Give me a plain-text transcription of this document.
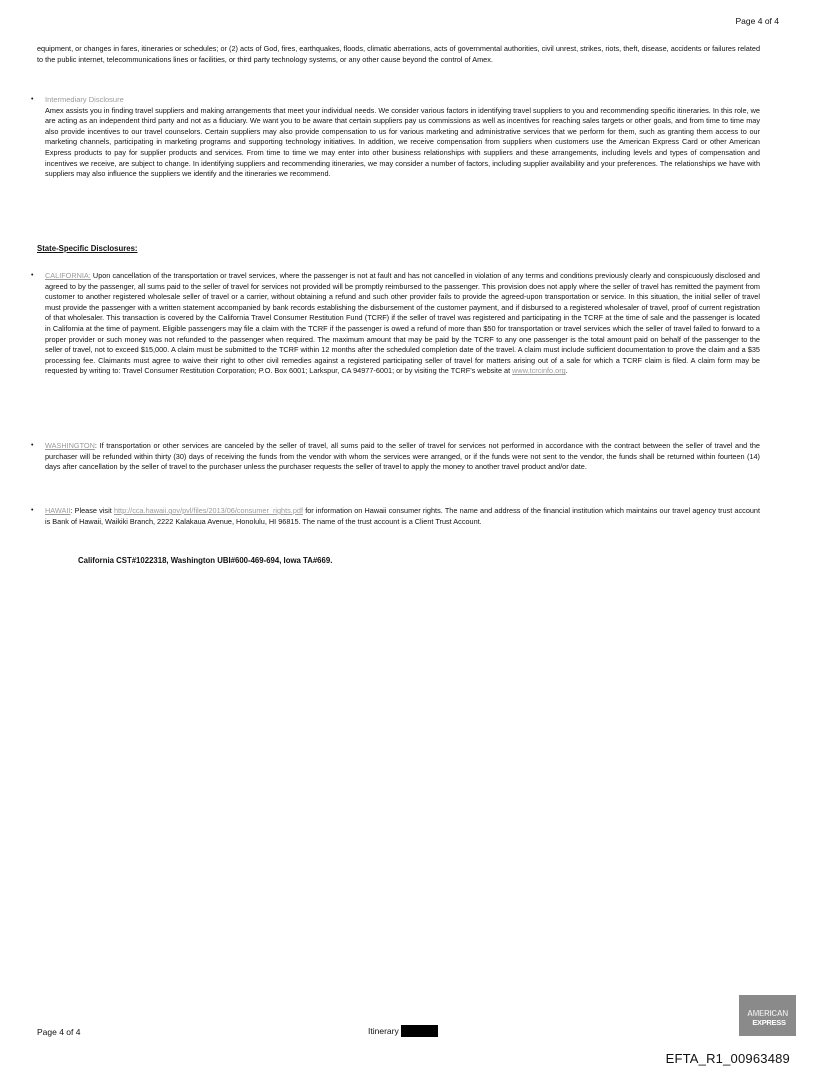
Page 4 of 4

equipment, or changes in fares, itineraries or schedules; or (2) acts of God, fires, earthquakes, floods, climatic aberrations, acts of governmental authorities, civil unrest, strikes, riots, theft, disease, accidents or failures related to the public internet, telecommunications lines or facilities, or third party technology systems, or any other cause beyond the control of Amex.

• Intermediary Disclosure

Amex assists you in finding travel suppliers and making arrangements that meet your individual needs. We consider various factors in identifying travel suppliers to you and recommending specific itineraries. In this role, we are acting as an independent third party and not as a fiduciary. We want you to be aware that certain suppliers pay us commissions as well as incentives for reaching sales targets or other goals, and from time to time may also provide incentives to our travel counselors. Certain suppliers may also provide compensation to us for various marketing and administrative services that we perform for them, such as granting them access to our marketing channels, participating in marketing programs and supporting technology initiatives. In addition, we receive compensation from suppliers when customers use the American Express Card or other American Express products to pay for supplier products and services. From time to time we may enter into other business relationships with suppliers and these arrangements, including levels and types of compensation and incentives we receive, are subject to change. In identifying suppliers and recommending itineraries, we may consider a number of factors, including supplier availability and your preferences. The relationships we have with suppliers may also influence the suppliers we identify and the itineraries we recommend.

State-Specific Disclosures:

• CALIFORNIA: Upon cancellation of the transportation or travel services, where the passenger is not at fault and has not cancelled in violation of any terms and conditions previously clearly and conspicuously disclosed and agreed to by the passenger, all sums paid to the seller of travel for services not provided will be promptly reimbursed to the passenger. This provision does not apply where the seller of travel has remitted the payment from customer to another registered wholesale seller of travel or a carrier, without obtaining a refund and such other provider fails to provide the agreed-upon transportation or service. In this situation, the initial seller of travel must provide the passenger with a written statement accompanied by bank records establishing the disbursement of the customer payment, and if disbursed to a registered wholesaler of travel, proof of current registration of that wholesaler. This transaction is covered by the California Travel Consumer Restitution Fund (TCRF) if the seller of travel was registered and participating in the TCRF at the time of sale and the passenger is located in California at the time of payment. Eligible passengers may file a claim with the TCRF if the passenger is owed a refund of more than $50 for transportation or travel services which the seller of travel failed to forward to a proper provider or such money was not refunded to the passenger when required. The maximum amount that may be paid by the TCRF to any one passenger is the total amount paid on behalf of the passenger to the seller of travel, not to exceed $15,000. A claim must be submitted to the TCRF within 12 months after the scheduled completion date of the travel. A claim must include sufficient documentation to prove the claim and a $35 processing fee. Claimants must agree to waive their right to other civil remedies against a registered participating seller of travel for matters arising out of a sale for which a TCRF claim is filed. A claim form may be requested by writing to: Travel Consumer Restitution Corporation; P.O. Box 6001; Larkspur, CA 94977-6001; or by visiting the TCRF's website at www.tcrcinfo.org.

• WASHINGTON: If transportation or other services are canceled by the seller of travel, all sums paid to the seller of travel for services not performed in accordance with the contract between the seller of travel and the purchaser will be refunded within thirty (30) days of receiving the funds from the vendor with whom the services were arranged, or if the funds were not sent to the vendor, the funds shall be returned within fourteen (14) days after cancellation by the seller of travel to the purchaser unless the purchaser requests the seller of travel to apply the money to another travel product and/or date.

• HAWAII: Please visit http://cca.hawaii.gov/pvl/files/2013/06/consumer_rights.pdf for information on Hawaii consumer rights. The name and address of the financial institution which maintains our travel agency trust account is Bank of Hawaii, Waikiki Branch, 2222 Kalakaua Avenue, Honolulu, HI 96815. The name of the trust account is a Client Trust Account.

California CST#1022318, Washington UBI#600-469-694, Iowa TA#669.
Page 4 of 4	Itinerary
AMERICAN
EXPRESS
EFTA_R1_00963489
